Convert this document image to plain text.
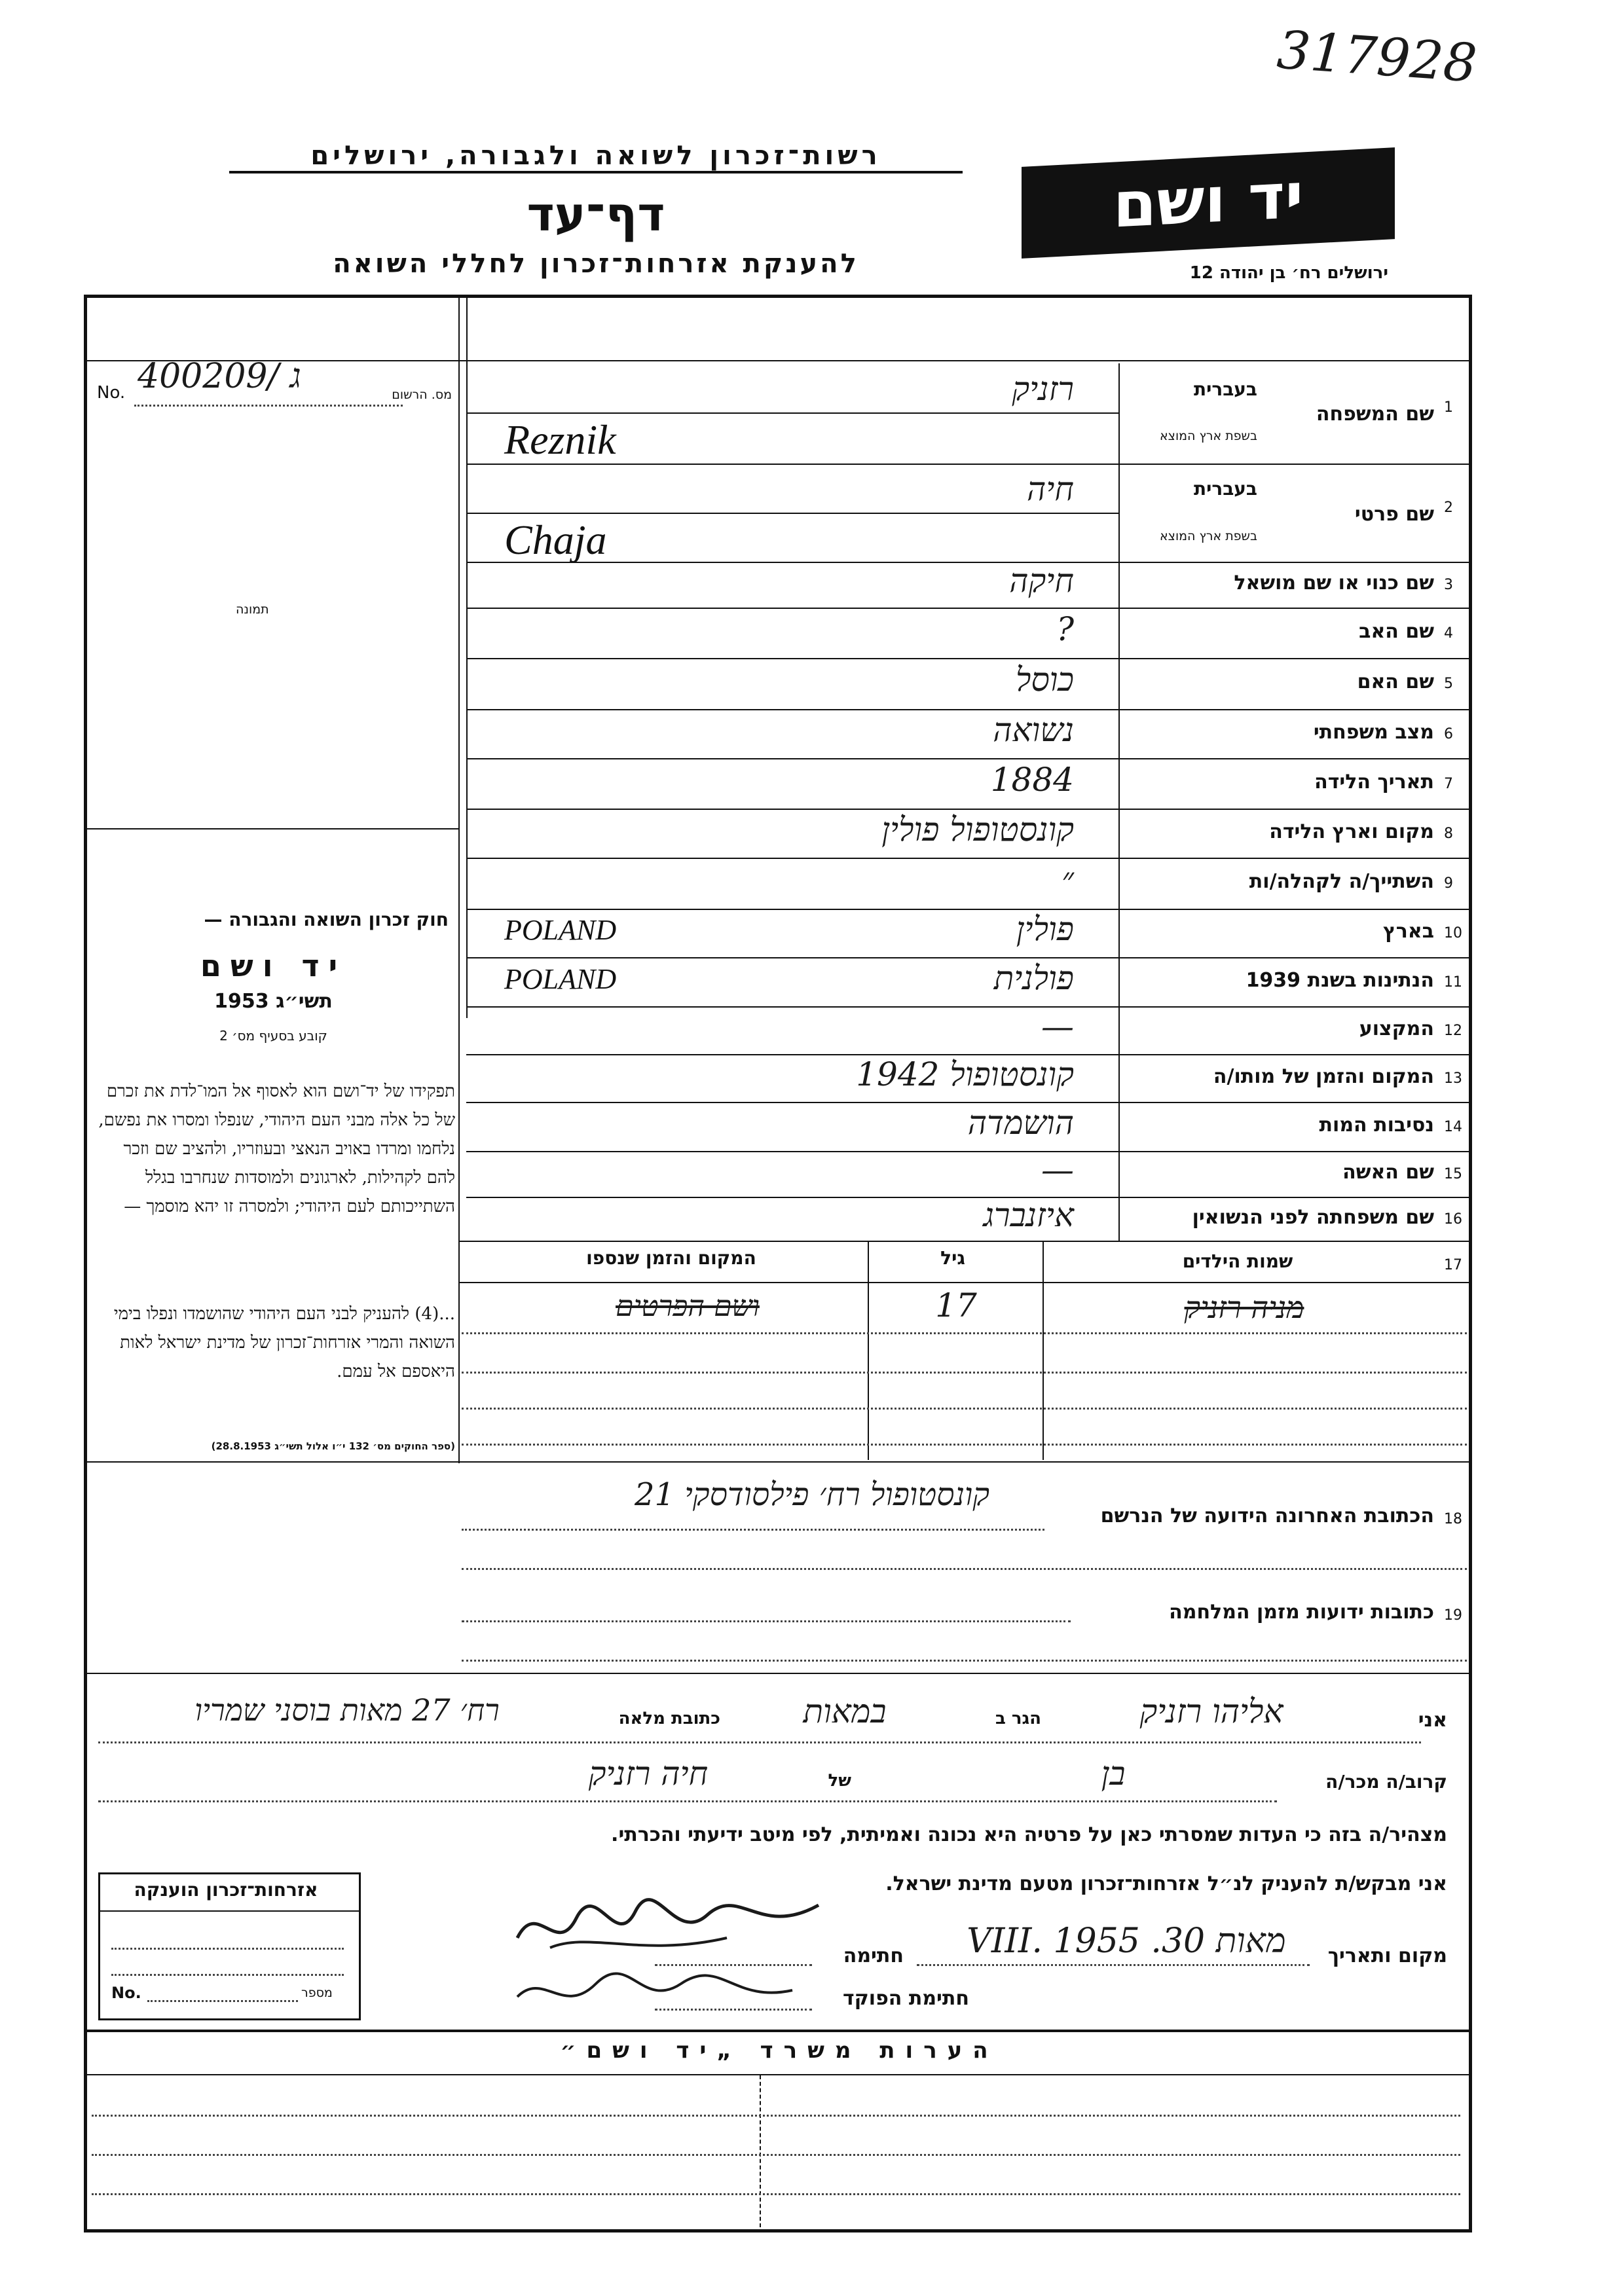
317928
רשות־זכרון לשואה ולגבורה, ירושלים
דף־עד
להענקת אזרחות־זכרון לחללי השואה
יד ושם
ירושלים רח׳ בן יהודה 12
No. 400209/ ג	מס. הרשום
תמונה
1
שם המשפחה
רזניק
Reznik
2
שם פרטי
חיה
Chaja
3
שם כנוי או שם מושאל
חיקה
4
שם האב
?
5
שם האם
כוסל
6
מצב משפחתי
נשואה
7
תאריך הלידה
1884
8
מקום וארץ הלידה
קונסטופול פולין
9
השתייך/ה לקהלה/ות
״
10
בארץ
פולין
POLAND
11
הנתינות בשנת 1939
פולנית
POLAND
12
המקצוע
—
13
המקום והזמן של מותו/ה
קונסטופול 1942
14
נסיבות המות
הושמדה
15
שם האשה
—
16
שם משפחתה לפני הנשואין
איזנברג
בעברית
בשפת ארץ המוצא
בעברית
בשפת ארץ המוצא
חוק זכרון השואה והגבורה —
יד ושם
תשי״ג 1953
קובע בסעיף מס׳ 2
תפקידו של יד־ושם הוא לאסוף אל המו־לדת את זכרם של כל אלה מבני העם היהודי, שנפלו ומסרו את נפשם, נלחמו ומרדו באויב הנאצי ובעוזריו, ולהציב שם וזכר להם לקהילות, לארגונים ולמוסדות שנחרבו בגלל השתייכותם לעם היהודי; ולמסרה זו יהא מוסמך —
...(4) להעניק לבני העם היהודי שהושמדו ונפלו בימי השואה והמרי אזרחות־זכרון של מדינת ישראל לאות היאספם אל עמם.
(ספר החוקים מס׳ 132 י״ו אלול תשי״ג 28.8.1953)
17
שמות הילדים
גיל
המקום והזמן שנספו
מניה רזניק
17
ושם הפרטים
18
הכתובת האחרונה הידועה של הנרשם
קונסטופול רח׳ פילסודסקי 21
19
כתובות ידועות מזמן המלחמה
אני
אליהו רזניק
הגר ב
במאות
כתובת מלאה
רח׳ 27 מאות בוסני שמריו
קרוב/ה מכר/ה
בן
של
חיה רזניק
מצהיר/ה בזה כי העדות שמסרתי כאן על פרטיה היא נכונה ואמיתית, לפי מיטב ידיעתי והכרתי.
אני מבקש/ת להעניק לנ״ל אזרחות־זכרון מטעם מדינת ישראל.
אזרחות־זכרון הוענקה
No.	מספר
מקום ותאריך
מאות 30. VIII. 1955
חתימה
חתימת הפוקד
הערות משרד „יד ושם״
